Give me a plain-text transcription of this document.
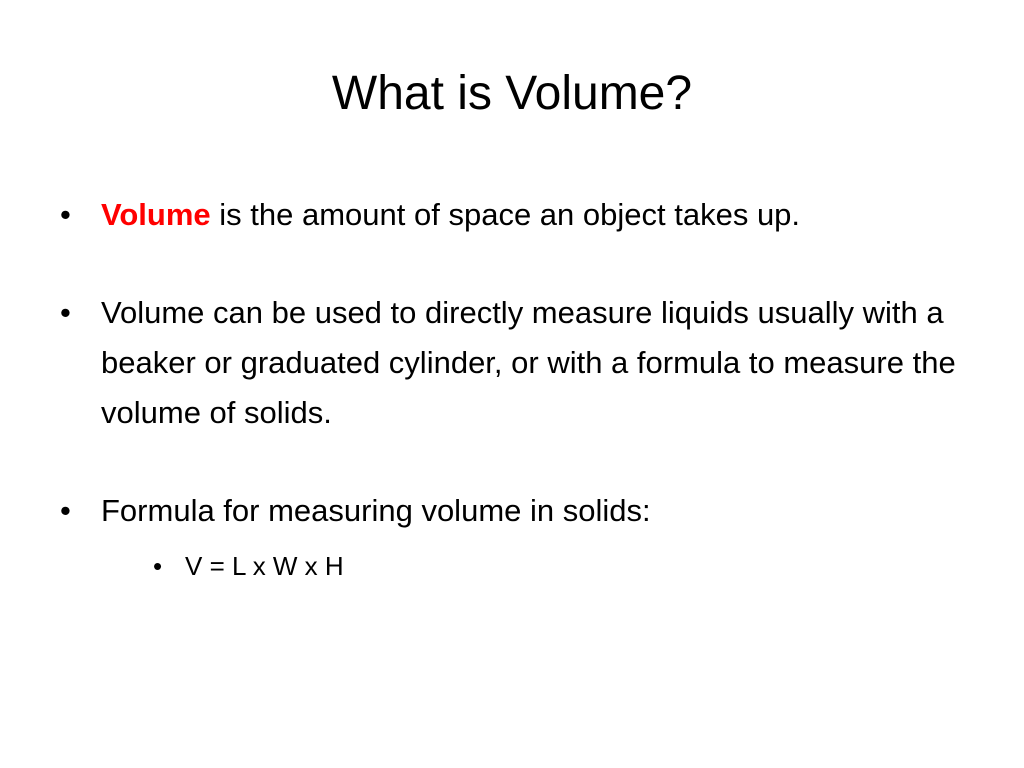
What is Volume?
• Volume is the amount of space an object takes up.
• Volume can be used to directly measure liquids usually with a beaker or graduated cylinder, or with a formula to measure the volume of solids.
• Formula for measuring volume in solids:
• V = L x W x H
